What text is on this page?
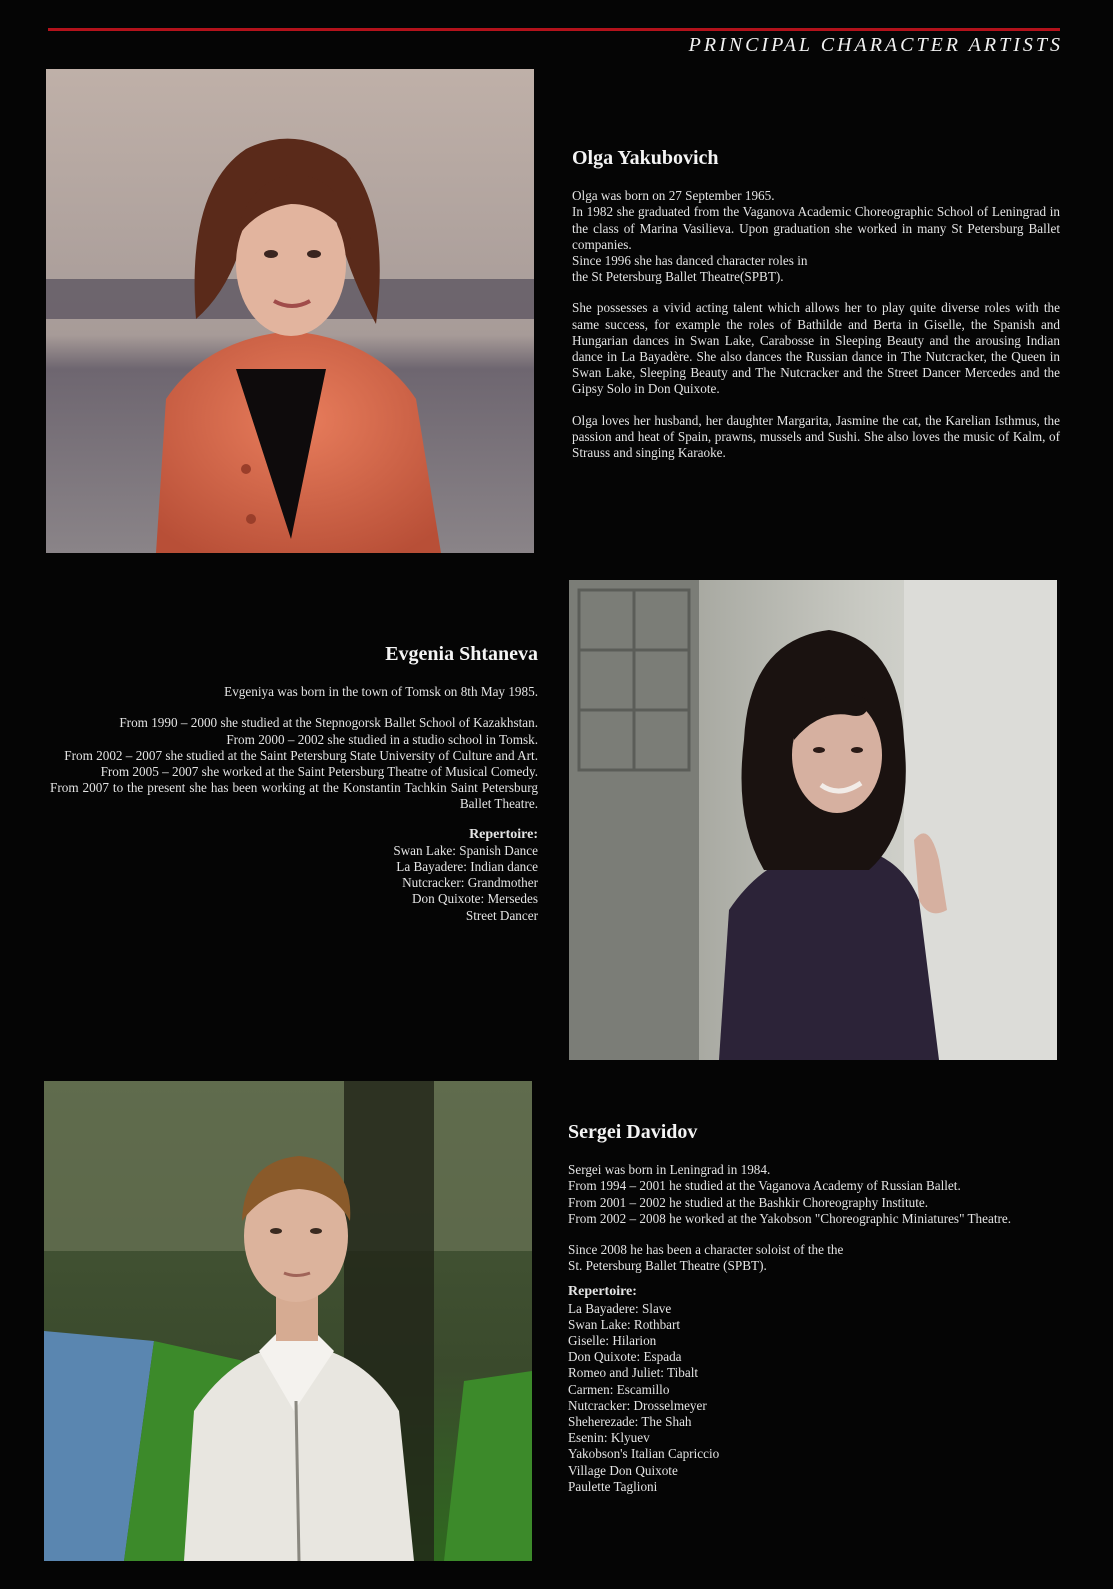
PRINCIPAL CHARACTER ARTISTS
Olga Yakubovich

Olga was born on 27 September 1965.
In 1982 she graduated from the Vaganova Academic Choreographic School of Leningrad in the class of Marina Vasilieva. Upon graduation she worked in many St Petersburg Ballet companies.
Since 1996 she has danced character roles in
the St Petersburg Ballet Theatre(SPBT).

She possesses a vivid acting talent which allows her to play quite diverse roles with the same success, for example the roles of Bathilde and Berta in Giselle, the Spanish and Hungarian dances in Swan Lake, Carabosse in Sleeping Beauty and the arousing Indian dance in La Bayadère. She also dances the Russian dance in The Nutcracker, the Queen in Swan Lake, Sleeping Beauty and The Nutcracker and the Street Dancer Mercedes and the Gipsy Solo in Don Quixote.

Olga loves her husband, her daughter Margarita, Jasmine the cat, the Karelian Isthmus, the passion and heat of Spain, prawns, mussels and Sushi. She also loves the music of Kalm, of Strauss and singing Karaoke.

Evgenia Shtaneva

Evgeniya was born in the town of Tomsk on 8th May 1985.

From 1990 – 2000 she studied at the Stepnogorsk Ballet School of Kazakhstan.

From 2000 – 2002 she studied in a studio school in Tomsk.

From 2002 – 2007 she studied at the Saint Petersburg State University of Culture and Art.

From 2005 – 2007 she worked at the Saint Petersburg Theatre of Musical Comedy.

From 2007 to the present she has been working at the Konstantin Tachkin Saint Petersburg Ballet Theatre.

Repertoire:
Swan Lake: Spanish Dance
La Bayadere: Indian dance
Nutcracker: Grandmother
Don Quixote: Mersedes
Street Dancer
Sergei Davidov

Sergei was born in Leningrad in 1984.

From 1994 – 2001 he studied at the Vaganova Academy of Russian Ballet.

From 2001 – 2002 he studied at the Bashkir Choreography Institute.

From 2002 – 2008 he worked at the Yakobson "Choreographic Miniatures" Theatre.

Since 2008 he has been a character soloist of the the
St. Petersburg Ballet Theatre (SPBT).

Repertoire:
La Bayadere: Slave
Swan Lake: Rothbart
Giselle: Hilarion
Don Quixote: Espada
Romeo and Juliet: Tibalt
Carmen: Escamillo
Nutcracker: Drosselmeyer
Sheherezade: The Shah
Esenin: Klyuev
Yakobson's Italian Capriccio
Village Don Quixote
Paulette Taglioni
